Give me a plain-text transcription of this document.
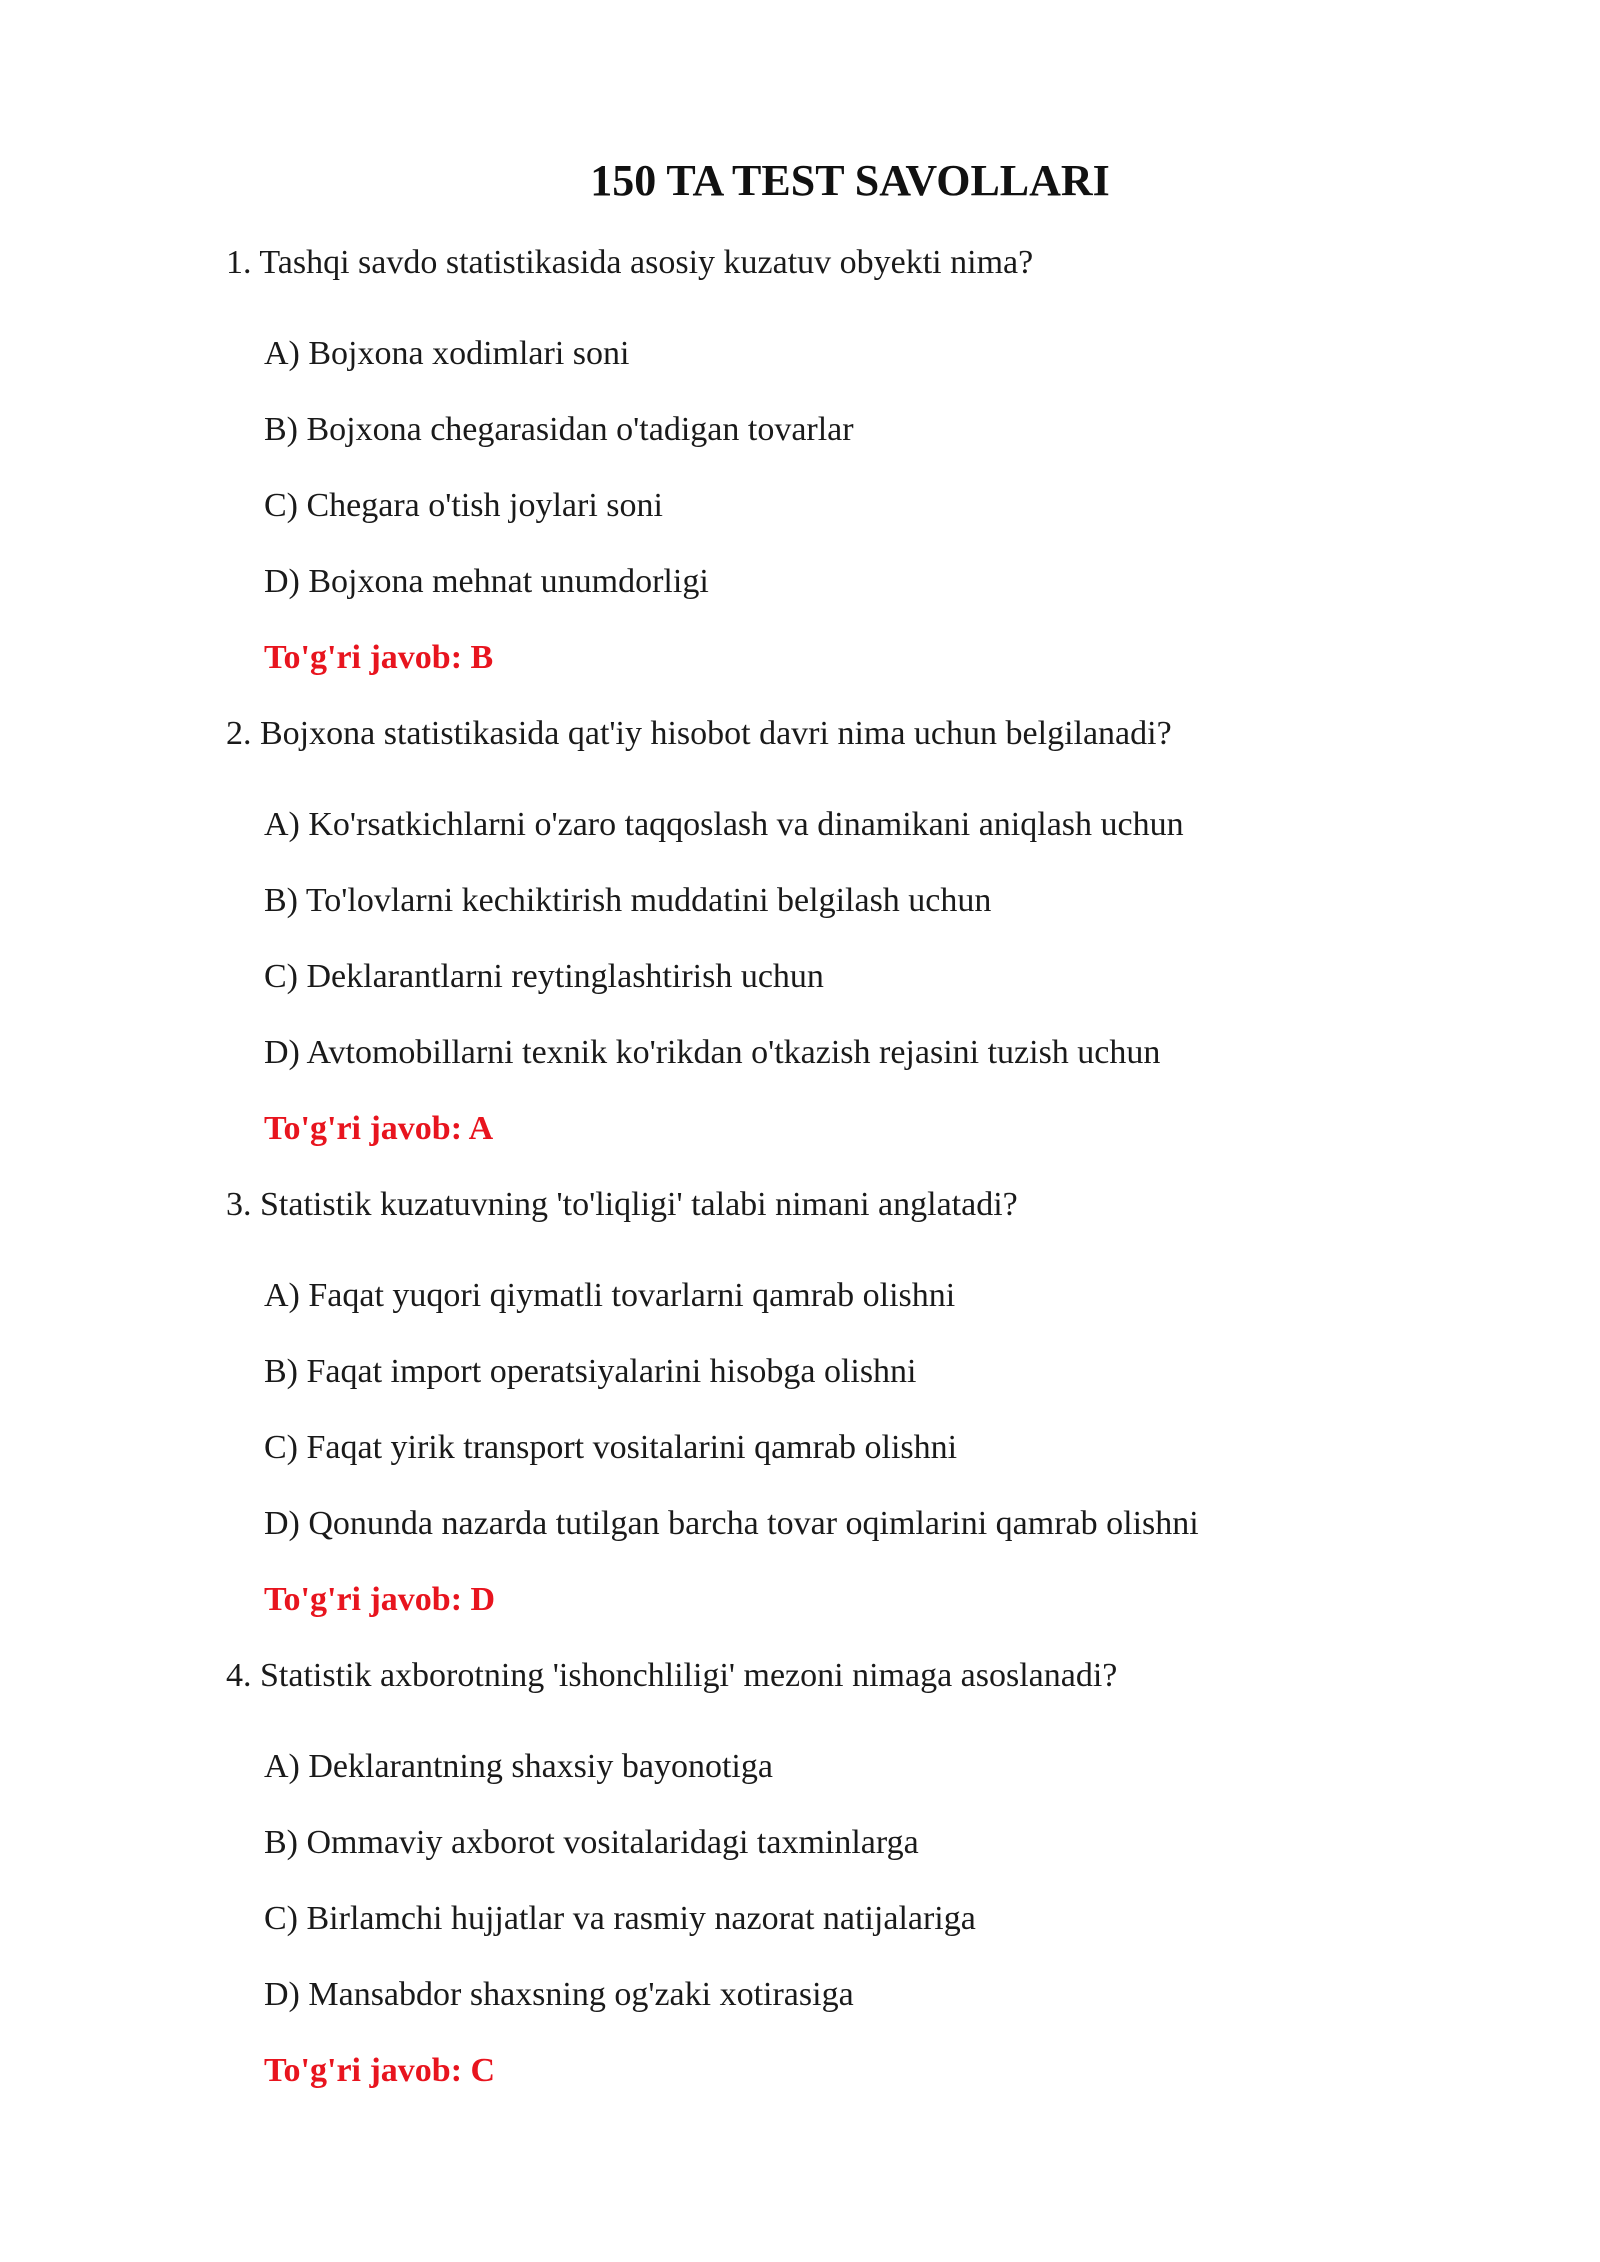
150 TA TEST SAVOLLARI
1. Tashqi savdo statistikasida asosiy kuzatuv obyekti nima?
A) Bojxona xodimlari soni
B) Bojxona chegarasidan o'tadigan tovarlar
C) Chegara o'tish joylari soni
D) Bojxona mehnat unumdorligi
To'g'ri javob: B
2. Bojxona statistikasida qat'iy hisobot davri nima uchun belgilanadi?
A) Ko'rsatkichlarni o'zaro taqqoslash va dinamikani aniqlash uchun
B) To'lovlarni kechiktirish muddatini belgilash uchun
C) Deklarantlarni reytinglashtirish uchun
D) Avtomobillarni texnik ko'rikdan o'tkazish rejasini tuzish uchun
To'g'ri javob: A
3. Statistik kuzatuvning 'to'liqligi' talabi nimani anglatadi?
A) Faqat yuqori qiymatli tovarlarni qamrab olishni
B) Faqat import operatsiyalarini hisobga olishni
C) Faqat yirik transport vositalarini qamrab olishni
D) Qonunda nazarda tutilgan barcha tovar oqimlarini qamrab olishni
To'g'ri javob: D
4. Statistik axborotning 'ishonchliligi' mezoni nimaga asoslanadi?
A) Deklarantning shaxsiy bayonotiga
B) Ommaviy axborot vositalaridagi taxminlarga
C) Birlamchi hujjatlar va rasmiy nazorat natijalariga
D) Mansabdor shaxsning og'zaki xotirasiga
To'g'ri javob: C
